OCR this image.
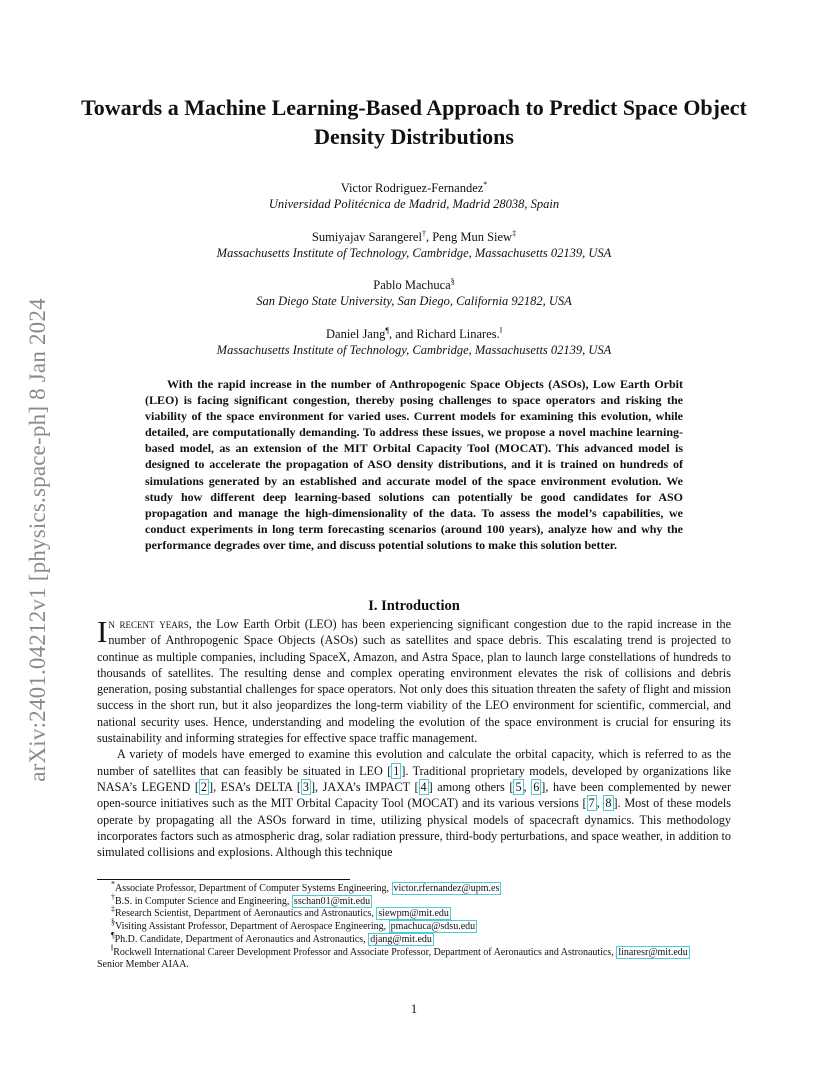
arXiv:2401.04212v1 [physics.space-ph] 8 Jan 2024
Towards a Machine Learning-Based Approach to Predict Space Object Density Distributions
Victor Rodriguez-Fernandez*
Universidad Politécnica de Madrid, Madrid 28038, Spain
Sumiyajav Sarangerel†, Peng Mun Siew‡
Massachusetts Institute of Technology, Cambridge, Massachusetts 02139, USA
Pablo Machuca§
San Diego State University, San Diego, California 92182, USA
Daniel Jang¶, and Richard Linares.‖
Massachusetts Institute of Technology, Cambridge, Massachusetts 02139, USA
With the rapid increase in the number of Anthropogenic Space Objects (ASOs), Low Earth Orbit (LEO) is facing significant congestion, thereby posing challenges to space operators and risking the viability of the space environment for varied uses. Current models for examining this evolution, while detailed, are computationally demanding. To address these issues, we propose a novel machine learning-based model, as an extension of the MIT Orbital Capacity Tool (MOCAT). This advanced model is designed to accelerate the propagation of ASO density distributions, and it is trained on hundreds of simulations generated by an established and accurate model of the space environment evolution. We study how different deep learning-based solutions can potentially be good candidates for ASO propagation and manage the high-dimensionality of the data. To assess the model’s capabilities, we conduct experiments in long term forecasting scenarios (around 100 years), analyze how and why the performance degrades over time, and discuss potential solutions to make this solution better.
I. Introduction

In recent years, the Low Earth Orbit (LEO) has been experiencing significant congestion due to the rapid increase in the number of Anthropogenic Space Objects (ASOs) such as satellites and space debris. This escalating trend is projected to continue as multiple companies, including SpaceX, Amazon, and Astra Space, plan to launch large constellations of hundreds to thousands of satellites. The resulting dense and complex operating environment elevates the risk of collisions and debris generation, posing substantial challenges for space operators. Not only does this situation threaten the safety of flight and mission success in the short run, but it also jeopardizes the long-term viability of the LEO environment for scientific, commercial, and national security uses. Hence, understanding and modeling the evolution of the space environment is crucial for ensuring its sustainability and informing strategies for effective space traffic management.

A variety of models have emerged to examine this evolution and calculate the orbital capacity, which is referred to as the number of satellites that can feasibly be situated in LEO [ 1 ]. Traditional proprietary models, developed by organizations like NASA’s LEGEND [ 2 ], ESA’s DELTA [ 3 ], JAXA’s IMPACT [ 4 ] among others [ 5 , 6 ], have been complemented by newer open-source initiatives such as the MIT Orbital Capacity Tool (MOCAT) and its various versions [ 7 , 8 ]. Most of these models operate by propagating all the ASOs forward in time, utilizing physical models of spacecraft dynamics. This methodology incorporates factors such as atmospheric drag, solar radiation pressure, third-body perturbations, and space weather, in addition to simulated collisions and explosions. Although this technique

*Associate Professor, Department of Computer Systems Engineering, victor.rfernandez@upm.es
†B.S. in Computer Science and Engineering, sschan01@mit.edu
‡Research Scientist, Department of Aeronautics and Astronautics, siewpm@mit.edu
§Visiting Assistant Professor, Department of Aerospace Engineering, pmachuca@sdsu.edu
¶Ph.D. Candidate, Department of Aeronautics and Astronautics, djang@mit.edu
‖Rockwell International Career Development Professor and Associate Professor, Department of Aeronautics and Astronautics, linaresr@mit.edu
Senior Member AIAA.
1
